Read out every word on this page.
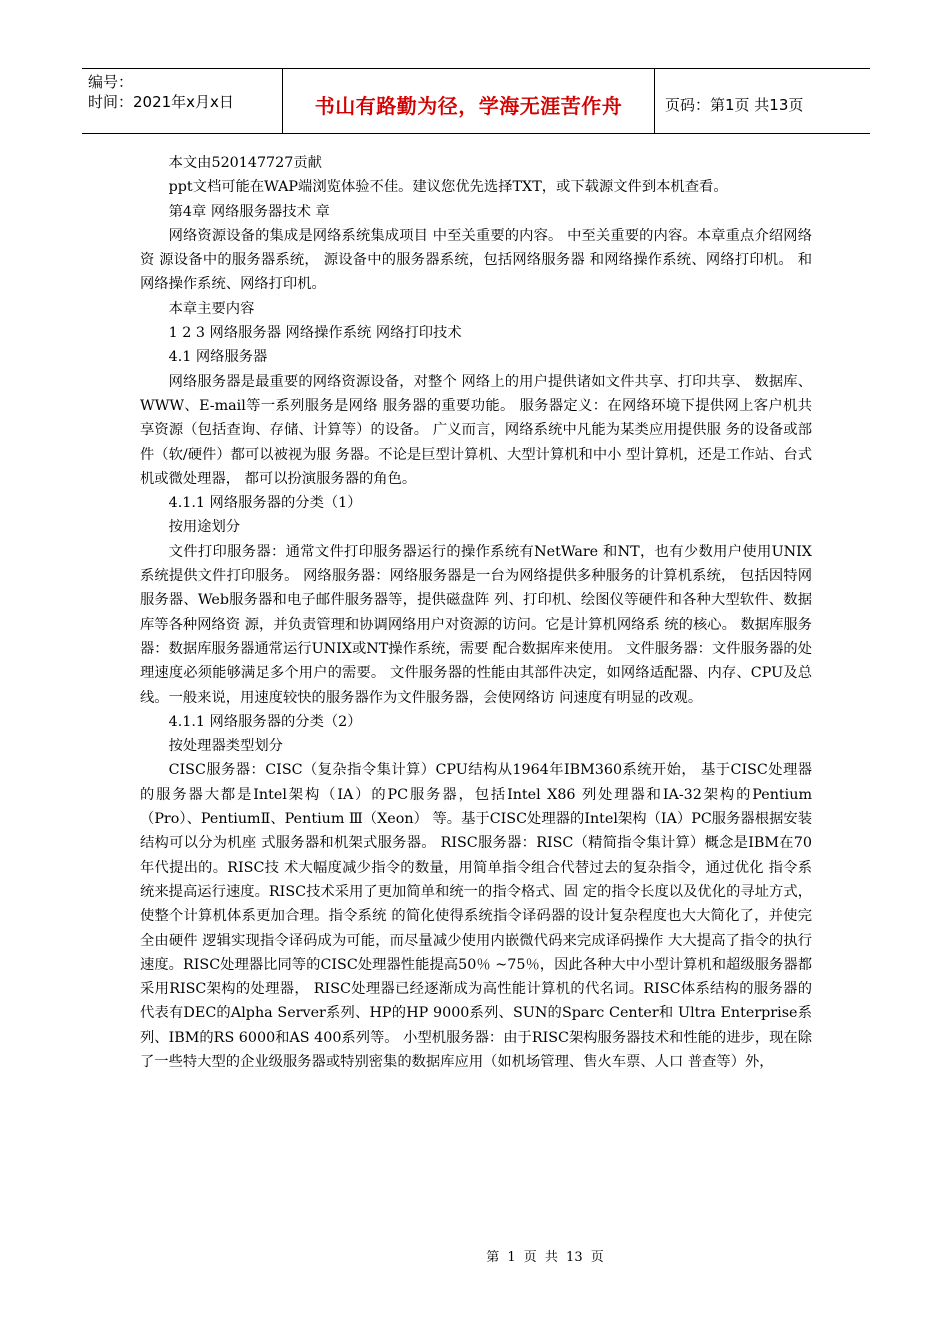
编号：
时间：2021年x月x日	书山有路勤为径，学海无涯苦作舟	页码：第1页 共13页

本文由520147727贡献

ppt文档可能在WAP端浏览体验不佳。建议您优先选择TXT，或下载源文件到本机查看。

第4章 网络服务器技术 章

网络资源设备的集成是网络系统集成项目 中至关重要的内容。 中至关重要的内容。本章重点介绍网络资 源设备中的服务器系统， 源设备中的服务器系统，包括网络服务器 和网络操作系统、网络打印机。 和网络操作系统、网络打印机。

本章主要内容

1 2 3 网络服务器 网络操作系统 网络打印技术

4.1 网络服务器

网络服务器是最重要的网络资源设备，对整个 网络上的用户提供诸如文件共享、打印共享、 数据库、WWW、E-mail等一系列服务是网络 服务器的重要功能。 服务器定义：在网络环境下提供网上客户机共 享资源（包括查询、存储、计算等）的设备。 广义而言，网络系统中凡能为某类应用提供服 务的设备或部件（软/硬件）都可以被视为服 务器。不论是巨型计算机、大型计算机和中小 型计算机，还是工作站、台式机或微处理器， 都可以扮演服务器的角色。

4.1.1 网络服务器的分类（1）

按用途划分

文件打印服务器：通常文件打印服务器运行的操作系统有NetWare 和NT，也有少数用户使用UNIX系统提供文件打印服务。 网络服务器：网络服务器是一台为网络提供多种服务的计算机系统， 包括因特网服务器、Web服务器和电子邮件服务器等，提供磁盘阵 列、打印机、绘图仪等硬件和各种大型软件、数据库等各种网络资 源，并负责管理和协调网络用户对资源的访问。它是计算机网络系 统的核心。 数据库服务器：数据库服务器通常运行UNIX或NT操作系统，需要 配合数据库来使用。 文件服务器：文件服务器的处理速度必须能够满足多个用户的需要。 文件服务器的性能由其部件决定，如网络适配器、内存、CPU及总 线。一般来说，用速度较快的服务器作为文件服务器，会使网络访 问速度有明显的改观。

4.1.1 网络服务器的分类（2）

按处理器类型划分

CISC服务器：CISC（复杂指令集计算）CPU结构从1964年IBM360系统开始， 基于CISC处理器的服务器大都是Intel架构（IA）的PC服务器，包括Intel X86 列处理器和IA-32架构的Pentium（Pro）、PentiumⅡ、Pentium Ⅲ（Xeon） 等。基于CISC处理器的Intel架构（IA）PC服务器根据安装结构可以分为机座 式服务器和机架式服务器。 RISC服务器：RISC（精简指令集计算）概念是IBM在70年代提出的。RISC技 术大幅度减少指令的数量，用简单指令组合代替过去的复杂指令，通过优化 指令系统来提高运行速度。RISC技术采用了更加简单和统一的指令格式、固 定的指令长度以及优化的寻址方式，使整个计算机体系更加合理。指令系统 的简化使得系统指令译码器的设计复杂程度也大大简化了，并使完全由硬件 逻辑实现指令译码成为可能，而尽量减少使用内嵌微代码来完成译码操作 大大提高了指令的执行速度。RISC处理器比同等的CISC处理器性能提高50％ ~75％，因此各种大中小型计算机和超级服务器都采用RISC架构的处理器， RISC处理器已经逐渐成为高性能计算机的代名词。RISC体系结构的服务器的 代表有DEC的Alpha Server系列、HP的HP 9000系列、SUN的Sparc Center和 Ultra Enterprise系列、IBM的RS 6000和AS 400系列等。 小型机服务器：由于RISC架构服务器技术和性能的进步，现在除了一些特大型的企业级服务器或特别密集的数据库应用（如机场管理、售火车票、人口 普查等）外，

第 1 页 共 13 页
